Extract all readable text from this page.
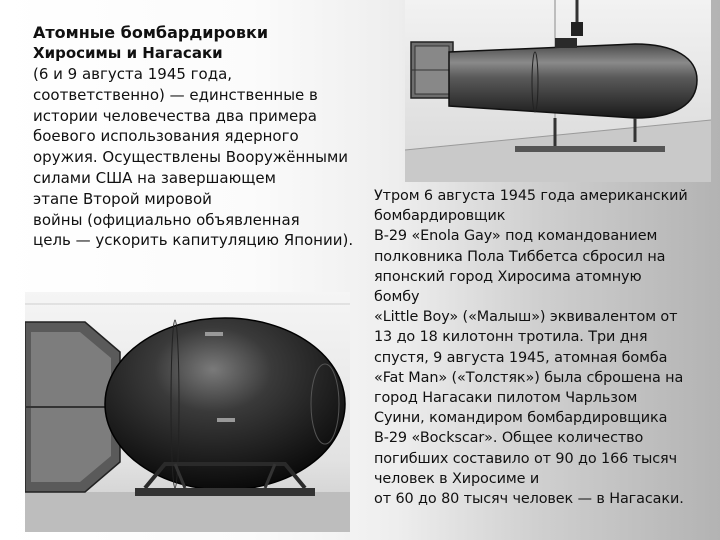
Атомные бомбардировки
Хиросимы и Нагасаки
(6 и 9 августа 1945 года,
соответственно) — единственные в
истории человечества два примера
боевого использования ядерного
оружия. Осуществлены Вооружёнными
силами США на завершающем
этапе Второй мировой
войны (официально объявленная
цель — ускорить капитуляцию Японии).
Утром 6 августа 1945 года американский
бомбардировщик
B-29 «Enola Gay» под командованием
полковника Пола Тиббетса сбросил на
японский город Хиросима атомную
бомбу
«Little Boy» («Малыш») эквивалентом от
13 до 18 килотонн тротила. Три дня
спустя, 9 августа 1945, атомная бомба
«Fat Man» («Толстяк») была сброшена на
город Нагасаки пилотом Чарльзом
Суини, командиром бомбардировщика
B-29 «Bockscar». Общее количество
погибших составило от 90 до 166 тысяч
человек в Хиросиме и
от 60 до 80 тысяч человек — в Нагасаки.
